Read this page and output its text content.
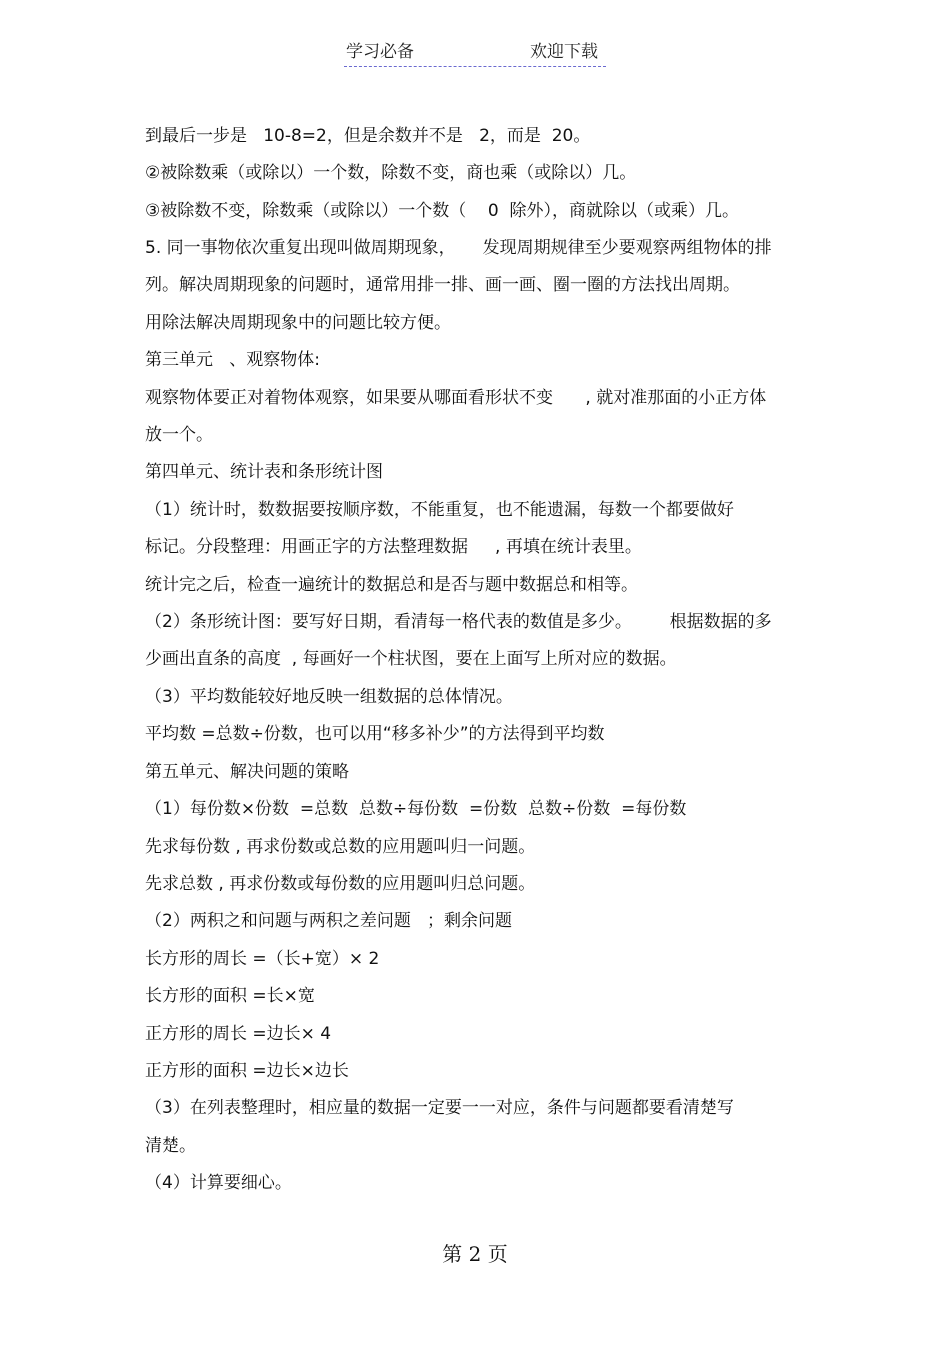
学习必备	欢迎下载
到最后一步是   10-8=2，但是余数并不是   2，而是  20。
②被除数乘（或除以）一个数，除数不变，商也乘（或除以）几。
③被除数不变，除数乘（或除以）一个数（    0  除外），商就除以（或乘）几。
5. 同一事物依次重复出现叫做周期现象，     发现周期规律至少要观察两组物体的排
列。解决周期现象的问题时，通常用排一排、画一画、圈一圈的方法找出周期。
用除法解决周期现象中的问题比较方便。
第三单元   、观察物体:
观察物体要正对着物体观察，如果要从哪面看形状不变      , 就对准那面的小正方体
放一个。
第四单元、统计表和条形统计图
（1）统计时，数数据要按顺序数，不能重复，也不能遗漏，每数一个都要做好
标记。分段整理：用画正字的方法整理数据     , 再填在统计表里。
统计完之后，检查一遍统计的数据总和是否与题中数据总和相等。
（2）条形统计图：要写好日期，看清每一格代表的数值是多少。       根据数据的多
少画出直条的高度  , 每画好一个柱状图，要在上面写上所对应的数据。
（3）平均数能较好地反映一组数据的总体情况。
平均数 =总数÷份数，也可以用“移多补少”的方法得到平均数
第五单元、解决问题的策略
（1）每份数×份数  =总数  总数÷每份数  =份数  总数÷份数  =每份数
先求每份数 , 再求份数或总数的应用题叫归一问题。
先求总数 , 再求份数或每份数的应用题叫归总问题。
（2）两积之和问题与两积之差问题   ；剩余问题
长方形的周长 =（长+宽）× 2
长方形的面积 =长×宽
正方形的周长 =边长× 4
正方形的面积 =边长×边长
（3）在列表整理时，相应量的数据一定要一一对应，条件与问题都要看清楚写
清楚。
（4）计算要细心。
第 2 页
